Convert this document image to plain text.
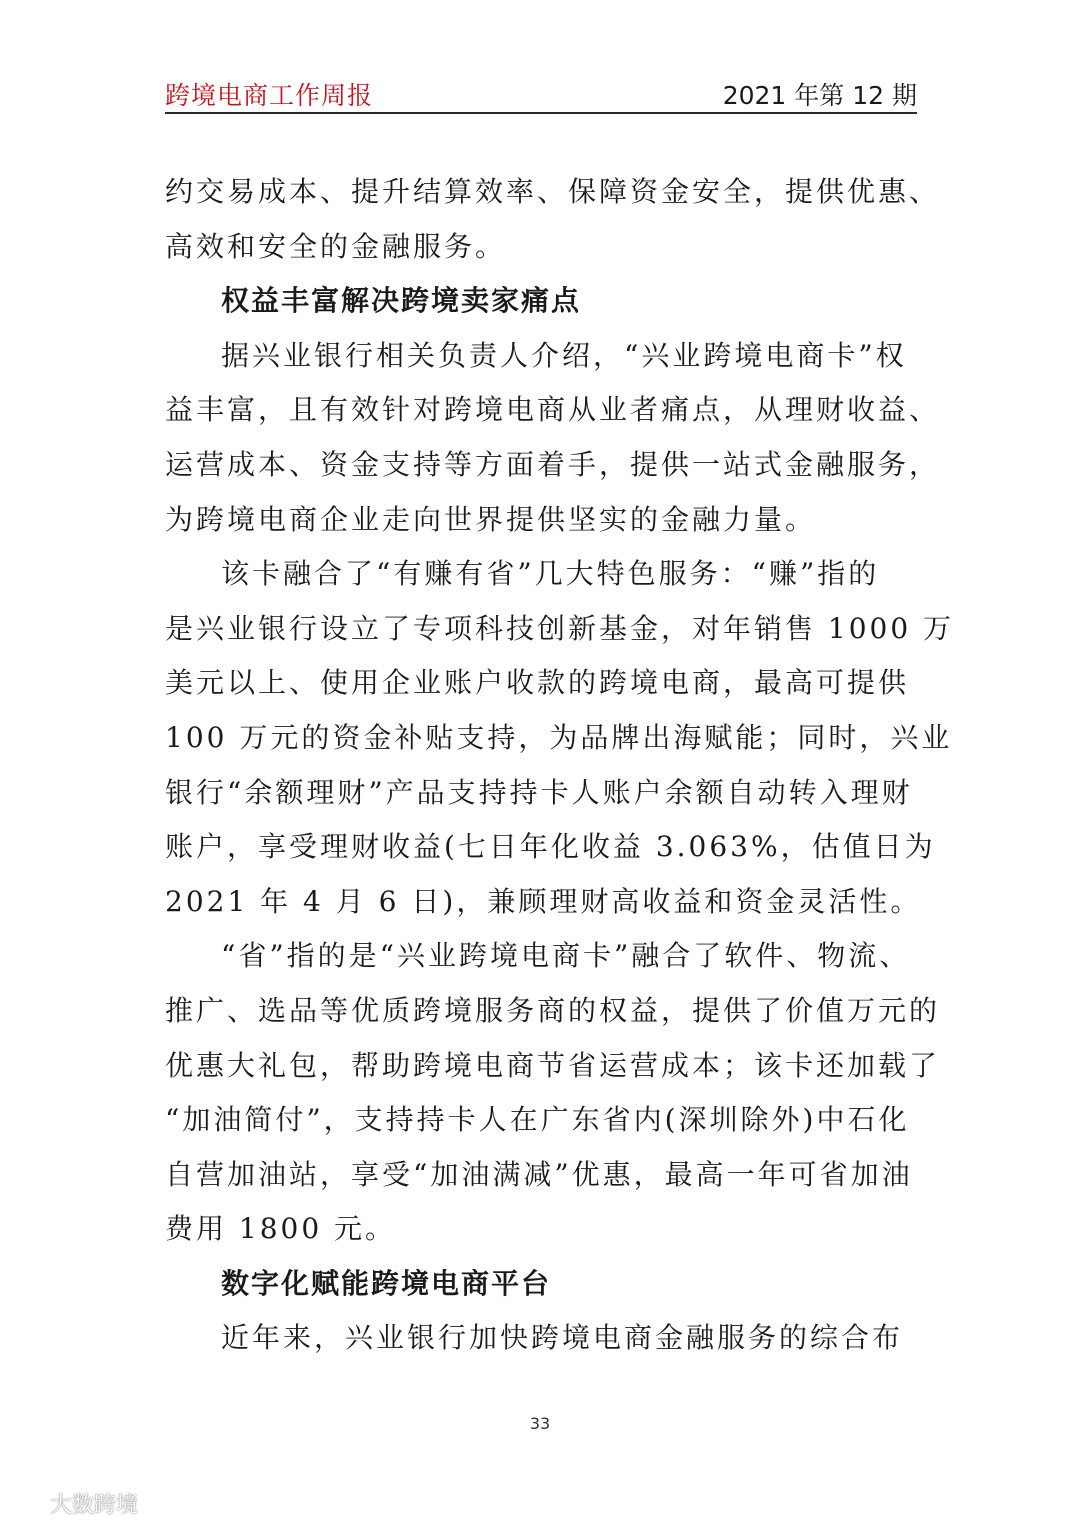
跨境电商工作周报	2021 年第 12 期

约交易成本、提升结算效率、保障资金安全，提供优惠、
高效和安全的金融服务。

权益丰富解决跨境卖家痛点

据兴业银行相关负责人介绍，“兴业跨境电商卡”权
益丰富，且有效针对跨境电商从业者痛点，从理财收益、
运营成本、资金支持等方面着手，提供一站式金融服务，
为跨境电商企业走向世界提供坚实的金融力量。

该卡融合了“有赚有省”几大特色服务：“赚”指的
是兴业银行设立了专项科技创新基金，对年销售 1000 万
美元以上、使用企业账户收款的跨境电商，最高可提供
100 万元的资金补贴支持，为品牌出海赋能；同时，兴业
银行“余额理财”产品支持持卡人账户余额自动转入理财
账户，享受理财收益(七日年化收益 3.063%，估值日为
2021 年 4 月 6 日)，兼顾理财高收益和资金灵活性。

“省”指的是“兴业跨境电商卡”融合了软件、物流、
推广、选品等优质跨境服务商的权益，提供了价值万元的
优惠大礼包，帮助跨境电商节省运营成本；该卡还加载了
“加油简付”，支持持卡人在广东省内(深圳除外)中石化
自营加油站，享受“加油满减”优惠，最高一年可省加油
费用 1800 元。

数字化赋能跨境电商平台

近年来，兴业银行加快跨境电商金融服务的综合布

33
大数跨境
